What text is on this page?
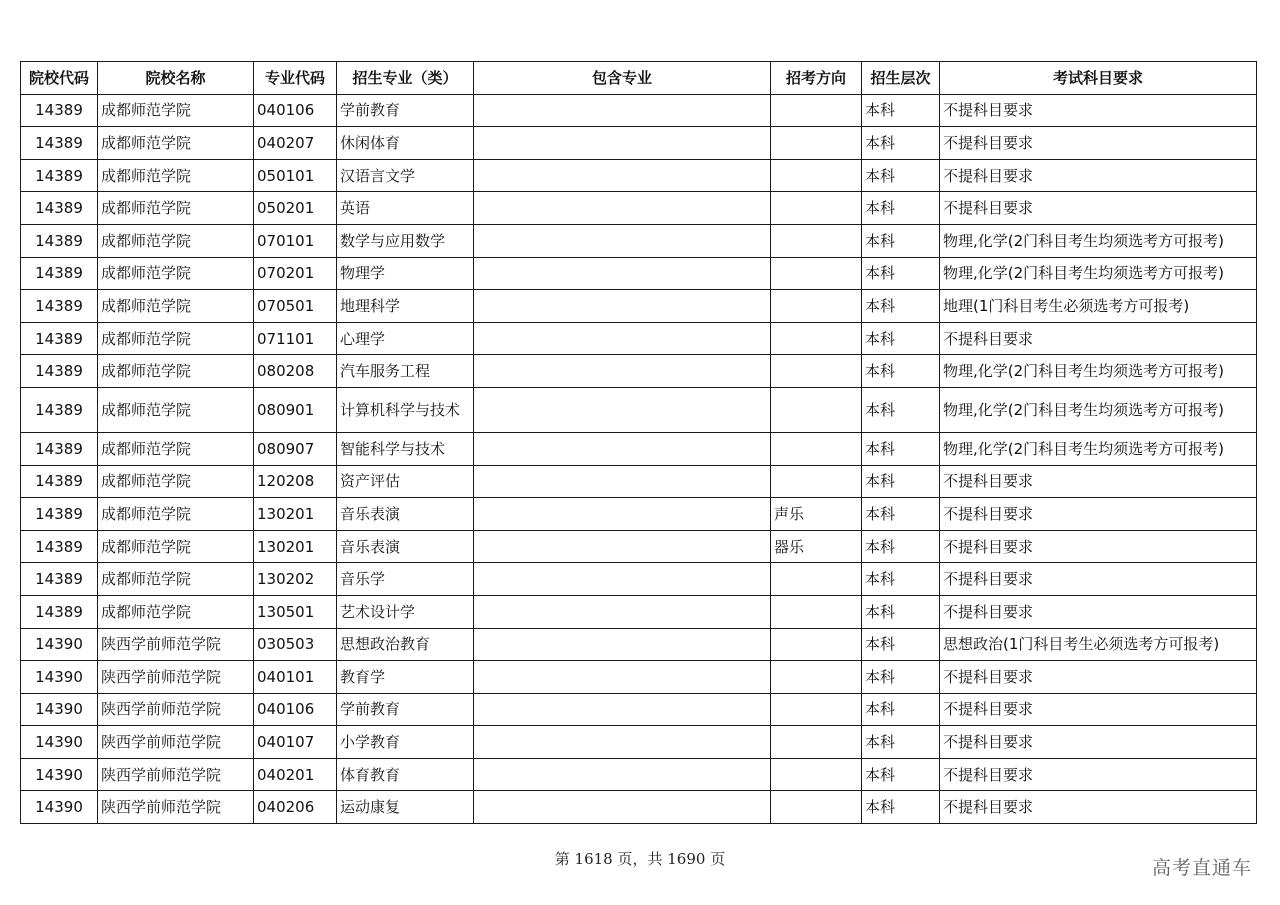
院校代码	院校名称	专业代码	招生专业（类）	包含专业	招考方向	招生层次	考试科目要求
14389	成都师范学院	040106	学前教育			本科	不提科目要求
14389	成都师范学院	040207	休闲体育			本科	不提科目要求
14389	成都师范学院	050101	汉语言文学			本科	不提科目要求
14389	成都师范学院	050201	英语			本科	不提科目要求
14389	成都师范学院	070101	数学与应用数学			本科	物理,化学(2门科目考生均须选考方可报考)
14389	成都师范学院	070201	物理学			本科	物理,化学(2门科目考生均须选考方可报考)
14389	成都师范学院	070501	地理科学			本科	地理(1门科目考生必须选考方可报考)
14389	成都师范学院	071101	心理学			本科	不提科目要求
14389	成都师范学院	080208	汽车服务工程			本科	物理,化学(2门科目考生均须选考方可报考)
14389	成都师范学院	080901	计算机科学与技术			本科	物理,化学(2门科目考生均须选考方可报考)
14389	成都师范学院	080907	智能科学与技术			本科	物理,化学(2门科目考生均须选考方可报考)
14389	成都师范学院	120208	资产评估			本科	不提科目要求
14389	成都师范学院	130201	音乐表演		声乐	本科	不提科目要求
14389	成都师范学院	130201	音乐表演		器乐	本科	不提科目要求
14389	成都师范学院	130202	音乐学			本科	不提科目要求
14389	成都师范学院	130501	艺术设计学			本科	不提科目要求
14390	陕西学前师范学院	030503	思想政治教育			本科	思想政治(1门科目考生必须选考方可报考)
14390	陕西学前师范学院	040101	教育学			本科	不提科目要求
14390	陕西学前师范学院	040106	学前教育			本科	不提科目要求
14390	陕西学前师范学院	040107	小学教育			本科	不提科目要求
14390	陕西学前师范学院	040201	体育教育			本科	不提科目要求
14390	陕西学前师范学院	040206	运动康复			本科	不提科目要求
第 1618 页，共 1690 页	高考直通车
